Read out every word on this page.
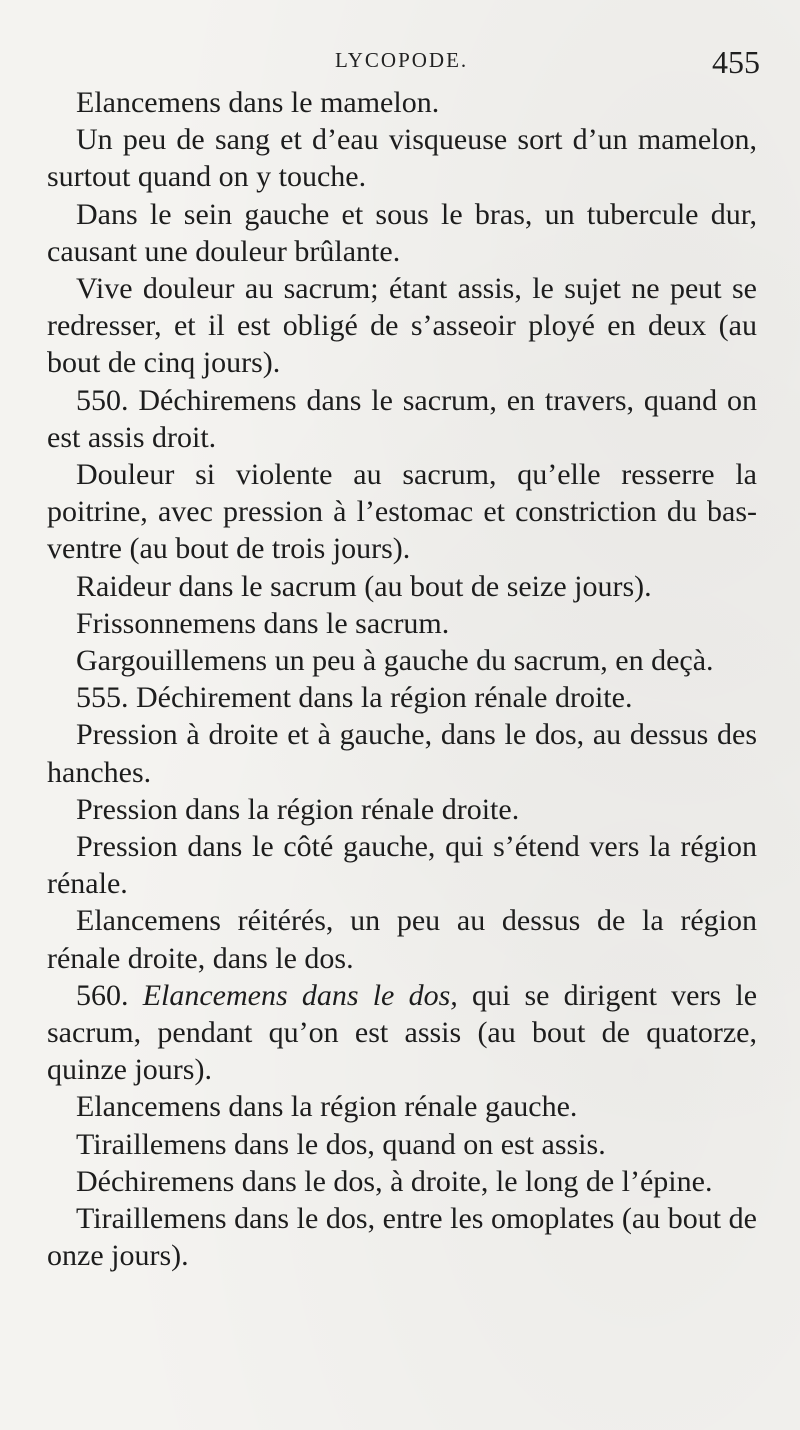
LYCOPODE.	455

Elancemens dans le mamelon.

Un peu de sang et d’eau visqueuse sort d’un mamelon, surtout quand on y touche.

Dans le sein gauche et sous le bras, un tubercule dur, causant une douleur brûlante.

Vive douleur au sacrum; étant assis, le sujet ne peut se redresser, et il est obligé de s’asseoir ployé en deux (au bout de cinq jours).

550. Déchiremens dans le sacrum, en travers, quand on est assis droit.

Douleur si violente au sacrum, qu’elle resserre la poitrine, avec pression à l’estomac et constriction du bas-ventre (au bout de trois jours).

Raideur dans le sacrum (au bout de seize jours).

Frissonnemens dans le sacrum.

Gargouillemens un peu à gauche du sacrum, en deçà.

555. Déchirement dans la région rénale droite.

Pression à droite et à gauche, dans le dos, au dessus des hanches.

Pression dans la région rénale droite.

Pression dans le côté gauche, qui s’étend vers la région rénale.

Elancemens réitérés, un peu au dessus de la région rénale droite, dans le dos.

560. Elancemens dans le dos, qui se dirigent vers le sacrum, pendant qu’on est assis (au bout de quatorze, quinze jours).

Elancemens dans la région rénale gauche.

Tiraillemens dans le dos, quand on est assis.

Déchiremens dans le dos, à droite, le long de l’épine.

Tiraillemens dans le dos, entre les omoplates (au bout de onze jours).
